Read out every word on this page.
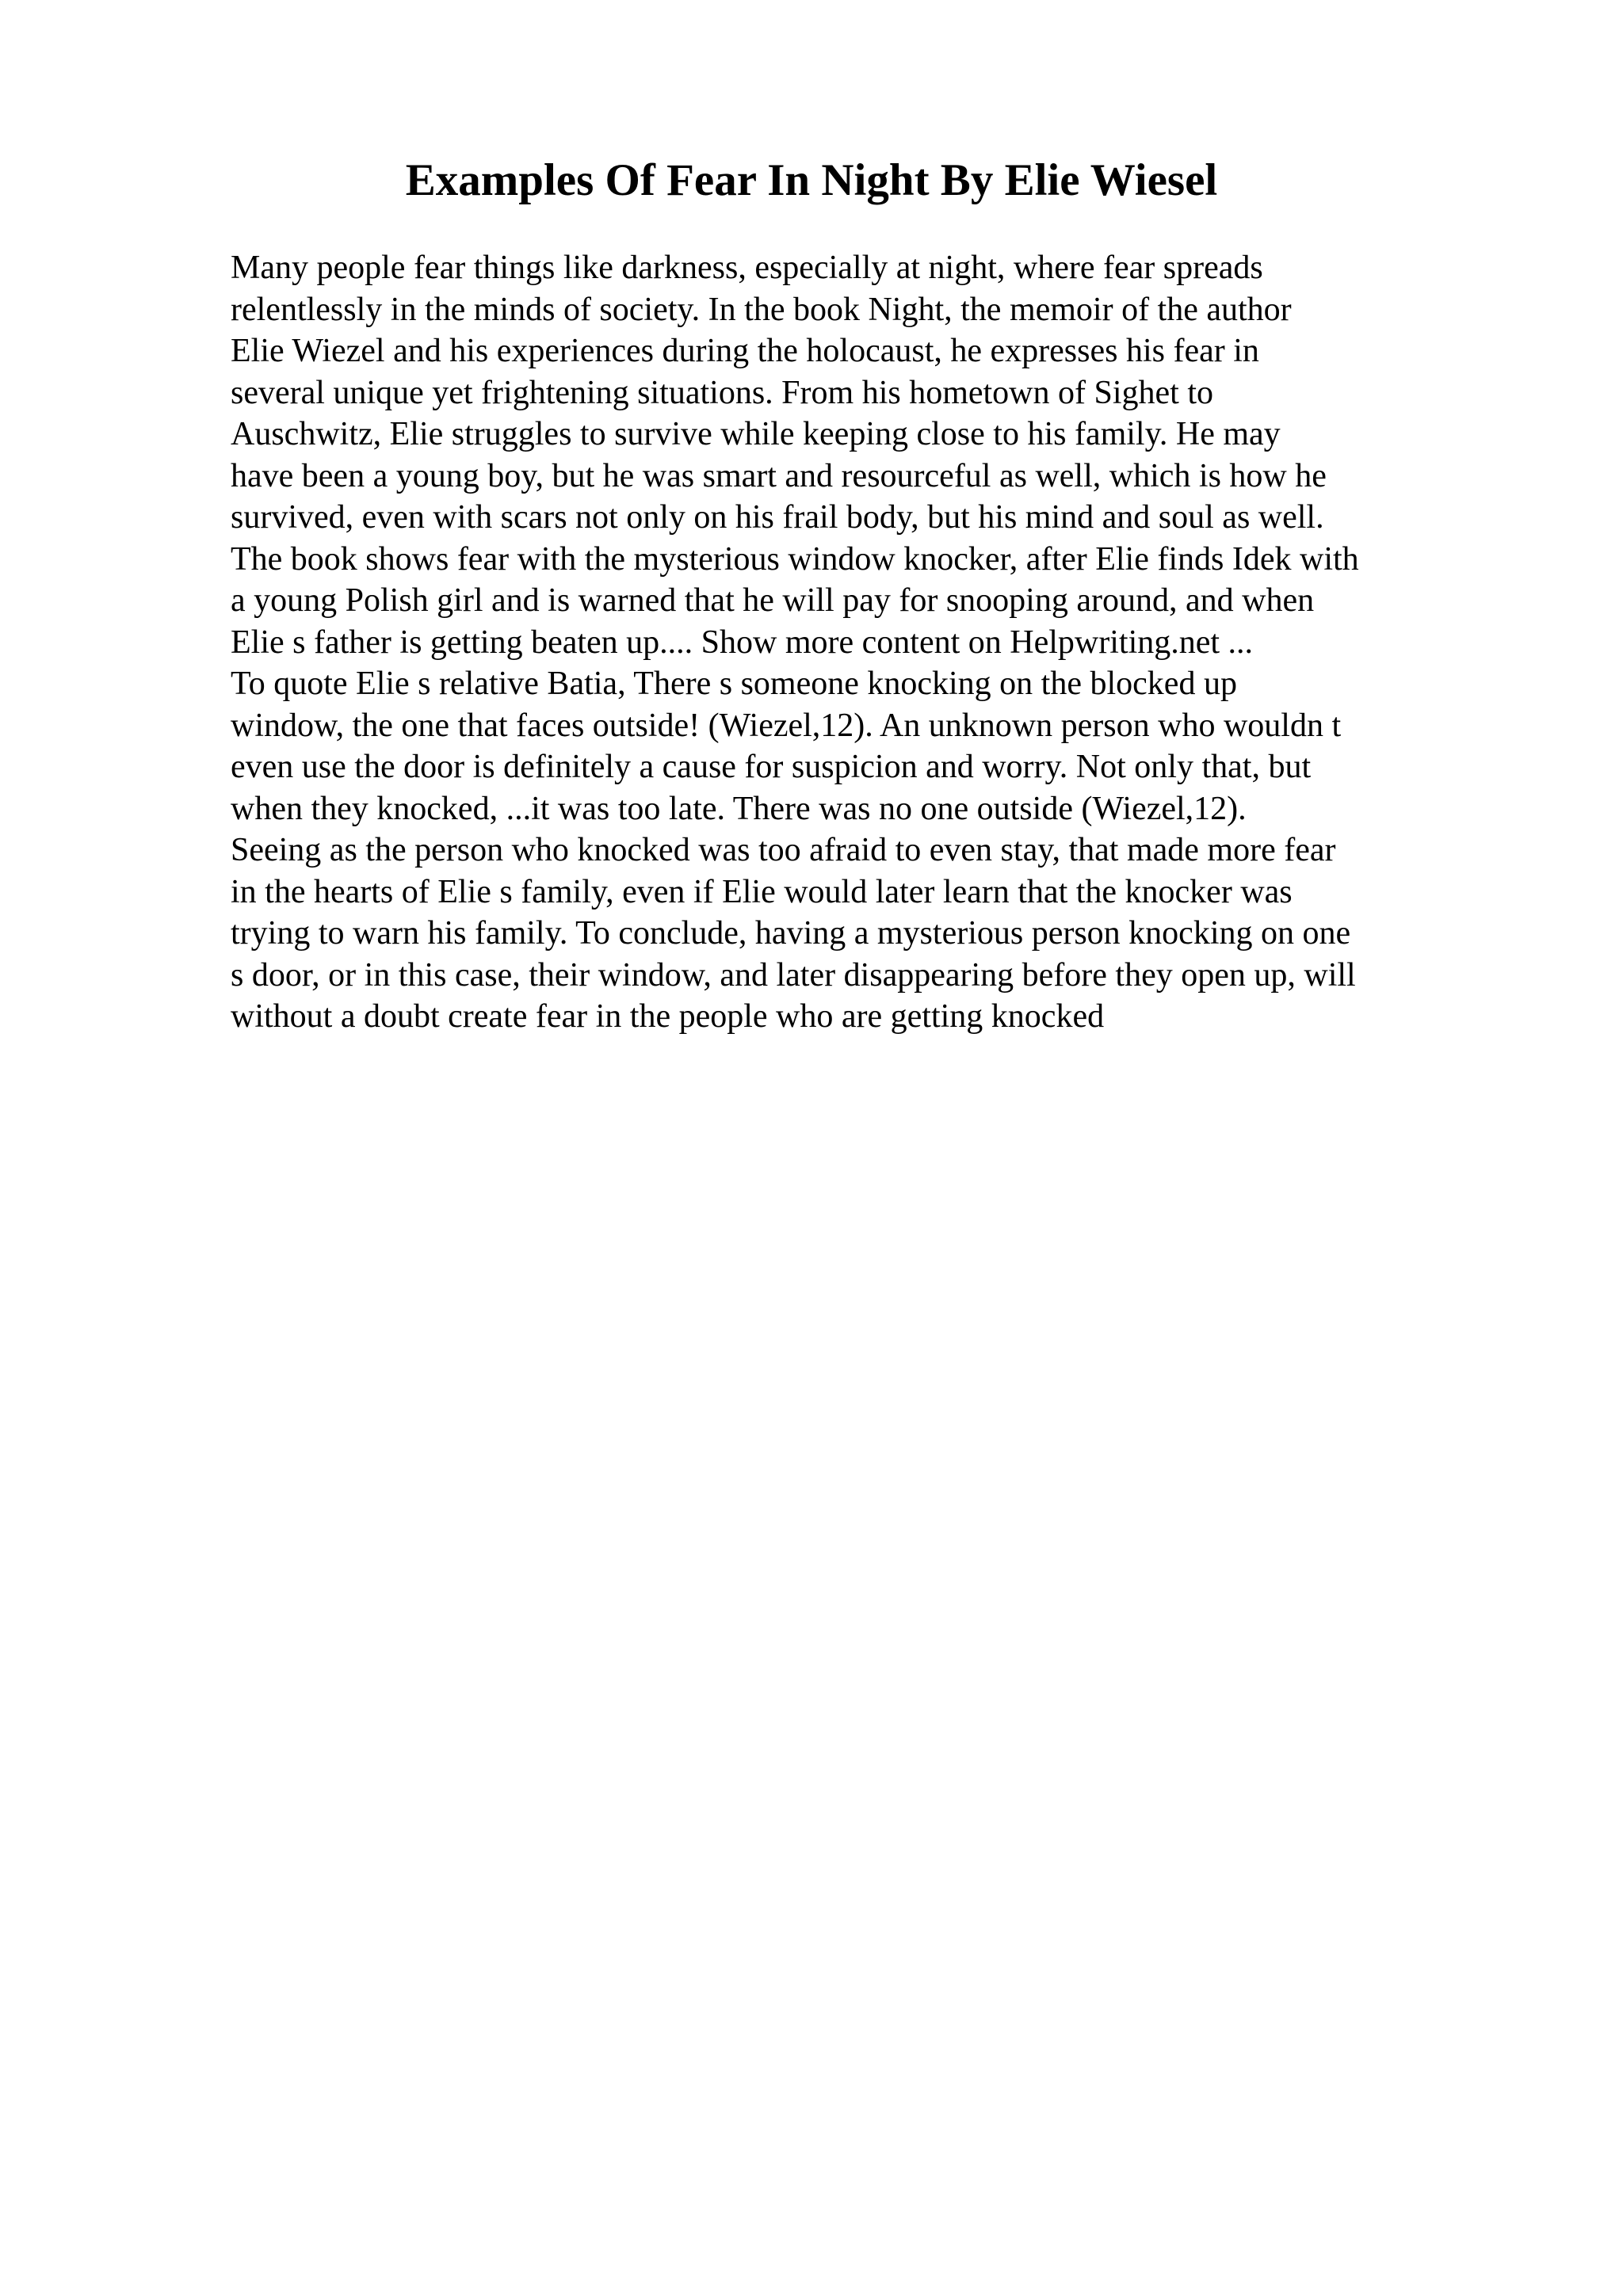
Examples Of Fear In Night By Elie Wiesel
Many people fear things like darkness, especially at night, where fear spreads
relentlessly in the minds of society. In the book Night, the memoir of the author
Elie Wiezel and his experiences during the holocaust, he expresses his fear in
several unique yet frightening situations. From his hometown of Sighet to
Auschwitz, Elie struggles to survive while keeping close to his family. He may
have been a young boy, but he was smart and resourceful as well, which is how he
survived, even with scars not only on his frail body, but his mind and soul as well.
The book shows fear with the mysterious window knocker, after Elie finds Idek with
a young Polish girl and is warned that he will pay for snooping around, and when
Elie s father is getting beaten up.... Show more content on Helpwriting.net ...
To quote Elie s relative Batia, There s someone knocking on the blocked up
window, the one that faces outside! (Wiezel,12). An unknown person who wouldn t
even use the door is definitely a cause for suspicion and worry. Not only that, but
when they knocked, ...it was too late. There was no one outside (Wiezel,12).
Seeing as the person who knocked was too afraid to even stay, that made more fear
in the hearts of Elie s family, even if Elie would later learn that the knocker was
trying to warn his family. To conclude, having a mysterious person knocking on one
s door, or in this case, their window, and later disappearing before they open up, will
without a doubt create fear in the people who are getting knocked
